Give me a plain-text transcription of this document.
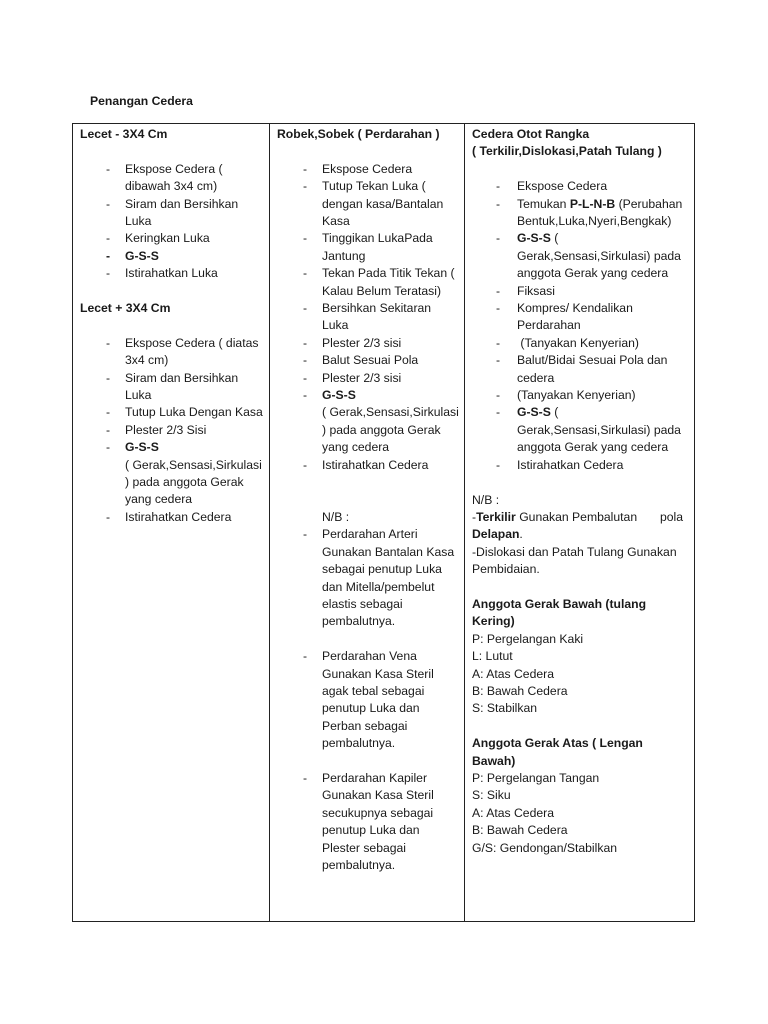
Penangan Cedera
Lecet - 3X4 Cm
- Ekspose Cedera ( dibawah 3x4 cm)
- Siram dan Bersihkan Luka
- Keringkan Luka
- G-S-S
- Istirahatkan Luka
Lecet + 3X4 Cm
- Ekspose Cedera ( diatas 3x4 cm)
- Siram dan Bersihkan Luka
- Tutup Luka Dengan Kasa
- Plester 2/3 Sisi
- G-S-S
( Gerak,Sensasi,Sirkulasi ) pada anggota Gerak yang cedera
- Istirahatkan Cedera
Robek,Sobek ( Perdarahan )
- Ekspose Cedera
- Tutup Tekan Luka ( dengan kasa/Bantalan Kasa
- Tinggikan LukaPada Jantung
- Tekan Pada Titik Tekan ( Kalau Belum Teratasi)
- Bersihkan Sekitaran Luka
- Plester 2/3 sisi
- Balut Sesuai Pola
- Plester 2/3 sisi
- G-S-S
( Gerak,Sensasi,Sirkulasi ) pada anggota Gerak yang cedera
- Istirahatkan Cedera
N/B :
- Perdarahan Arteri Gunakan Bantalan Kasa sebagai penutup Luka dan Mitella/pembelut elastis sebagai pembalutnya.
- Perdarahan Vena Gunakan Kasa Steril agak tebal sebagai penutup Luka dan Perban sebagai pembalutnya.
- Perdarahan Kapiler Gunakan Kasa Steril secukupnya sebagai penutup Luka dan Plester sebagai pembalutnya.
Cedera Otot Rangka
( Terkilir,Dislokasi,Patah Tulang )
- Ekspose Cedera
- Temukan P-L-N-B (Perubahan Bentuk,Luka,Nyeri,Bengkak)
- G-S-S ( Gerak,Sensasi,Sirkulasi) pada anggota Gerak yang cedera
- Fiksasi
- Kompres/ Kendalikan Perdarahan
-  (Tanyakan Kenyerian)
- Balut/Bidai Sesuai Pola dan cedera
- (Tanyakan Kenyerian)
- G-S-S ( Gerak,Sensasi,Sirkulasi) pada anggota Gerak yang cedera
- Istirahatkan Cedera
N/B :
-Terkilir Gunakan Pembalutan pola
Delapan.
-Dislokasi dan Patah Tulang Gunakan Pembidaian.
Anggota Gerak Bawah (tulang Kering)
P: Pergelangan Kaki
L: Lutut
A: Atas Cedera
B: Bawah Cedera
S: Stabilkan
Anggota Gerak Atas ( Lengan Bawah)
P: Pergelangan Tangan
S: Siku
A: Atas Cedera
B: Bawah Cedera
G/S: Gendongan/Stabilkan
